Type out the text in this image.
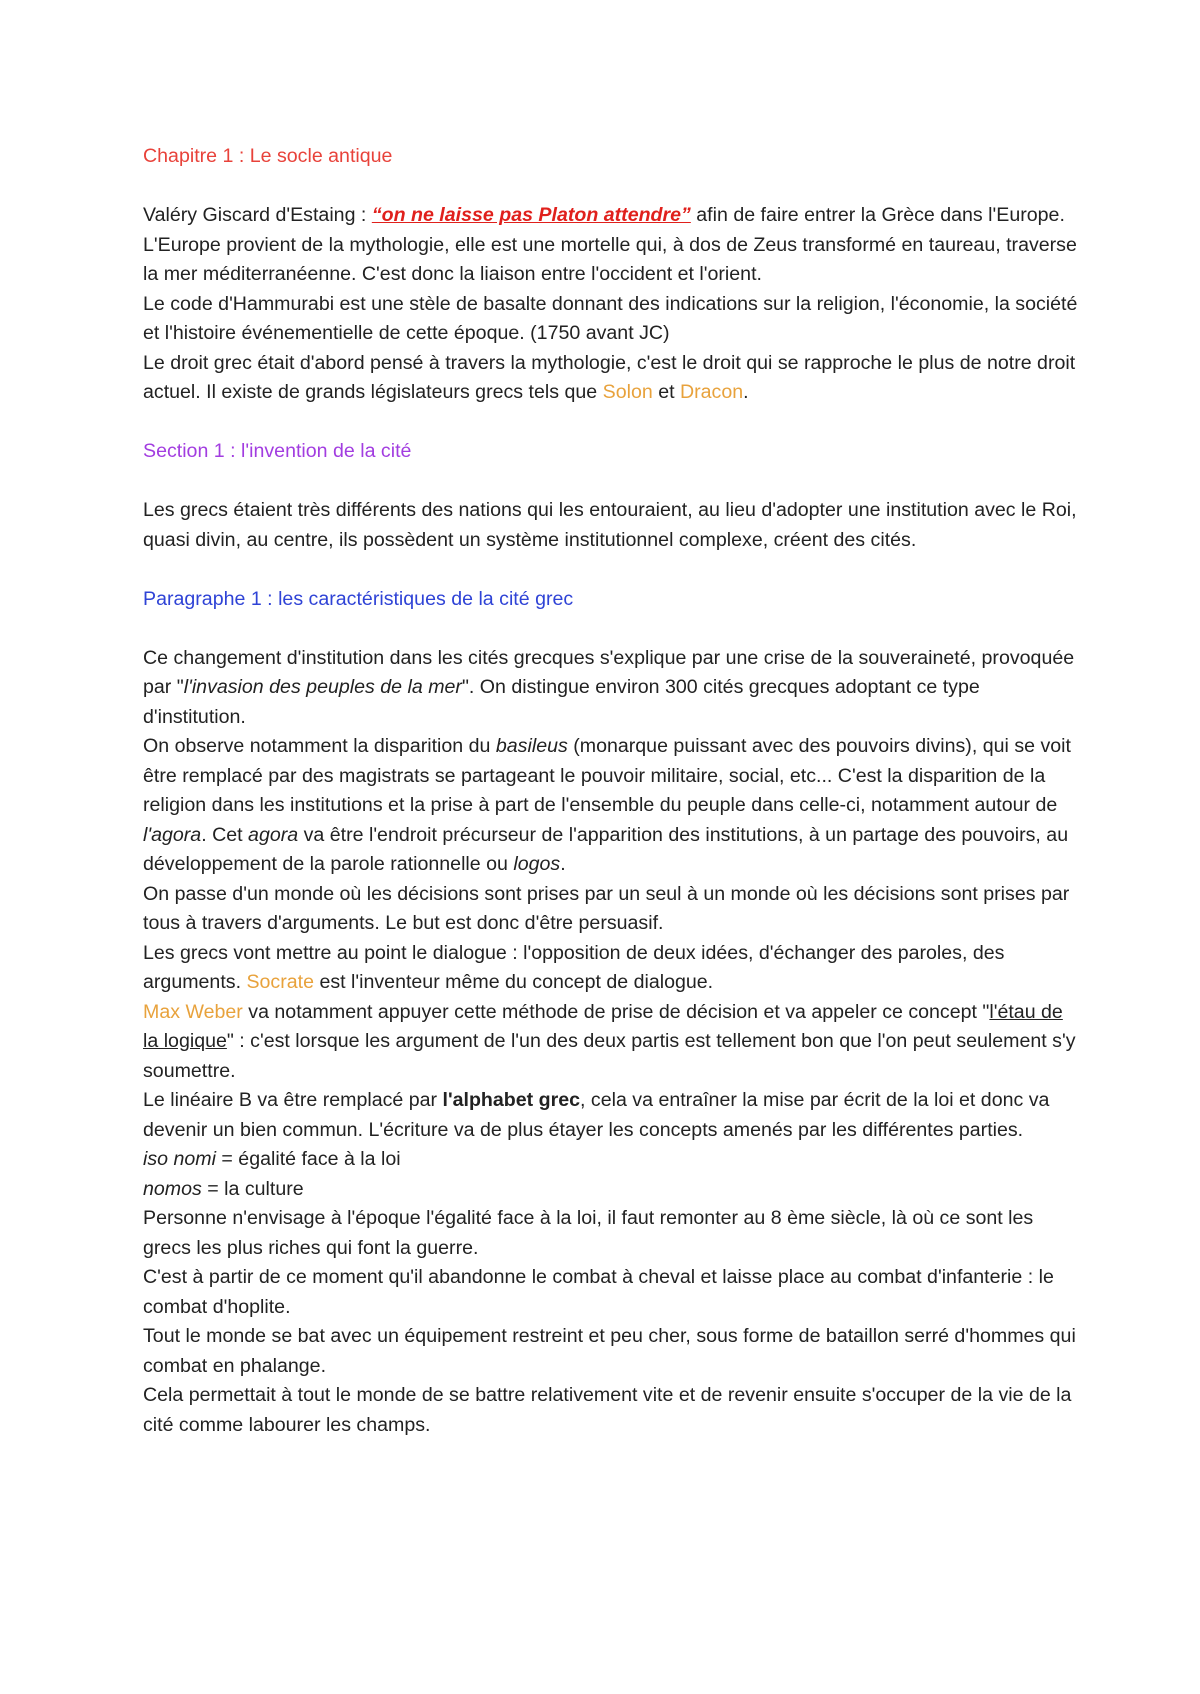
Chapitre 1 : Le socle antique

Valéry Giscard d'Estaing : “on ne laisse pas Platon attendre” afin de faire entrer la Grèce dans l'Europe.

L'Europe provient de la mythologie, elle est une mortelle qui, à dos de Zeus transformé en taureau, traverse la mer méditerranéenne. C'est donc la liaison entre l'occident et l'orient.

Le code d'Hammurabi est une stèle de basalte donnant des indications sur la religion, l'économie, la société et l'histoire événementielle de cette époque. (1750 avant JC)

Le droit grec était d'abord pensé à travers la mythologie, c'est le droit qui se rapproche le plus de notre droit actuel. Il existe de grands législateurs grecs tels que Solon et Dracon.

Section 1 : l'invention de la cité

Les grecs étaient très différents des nations qui les entouraient, au lieu d'adopter une institution avec le Roi, quasi divin, au centre, ils possèdent un système institutionnel complexe, créent des cités.

Paragraphe 1 : les caractéristiques de la cité grec

Ce changement d'institution dans les cités grecques s'explique par une crise de la souveraineté, provoquée par "l'invasion des peuples de la mer". On distingue environ 300 cités grecques adoptant ce type d'institution.

On observe notamment la disparition du basileus (monarque puissant avec des pouvoirs divins), qui se voit être remplacé par des magistrats se partageant le pouvoir militaire, social, etc... C'est la disparition de la religion dans les institutions et la prise à part de l'ensemble du peuple dans celle-ci, notamment autour de l'agora. Cet agora va être l'endroit précurseur de l'apparition des institutions, à un partage des pouvoirs, au développement de la parole rationnelle ou logos.

On passe d'un monde où les décisions sont prises par un seul à un monde où les décisions sont prises par tous à travers d'arguments. Le but est donc d'être persuasif.

Les grecs vont mettre au point le dialogue : l'opposition de deux idées, d'échanger des paroles, des arguments. Socrate est l'inventeur même du concept de dialogue.

Max Weber va notamment appuyer cette méthode de prise de décision et va appeler ce concept "l'étau de la logique" : c'est lorsque les argument de l'un des deux partis est tellement bon que l'on peut seulement s'y soumettre.

Le linéaire B va être remplacé par l'alphabet grec, cela va entraîner la mise par écrit de la loi et donc va devenir un bien commun. L'écriture va de plus étayer les concepts amenés par les différentes parties.

iso nomi = égalité face à la loi

nomos = la culture

Personne n'envisage à l'époque l'égalité face à la loi, il faut remonter au 8 ème siècle, là où ce sont les grecs les plus riches qui font la guerre.

C'est à partir de ce moment qu'il abandonne le combat à cheval et laisse place au combat d'infanterie : le combat d'hoplite.

Tout le monde se bat avec un équipement restreint et peu cher, sous forme de bataillon serré d'hommes qui combat en phalange.

Cela permettait à tout le monde de se battre relativement vite et de revenir ensuite s'occuper de la vie de la cité comme labourer les champs.
